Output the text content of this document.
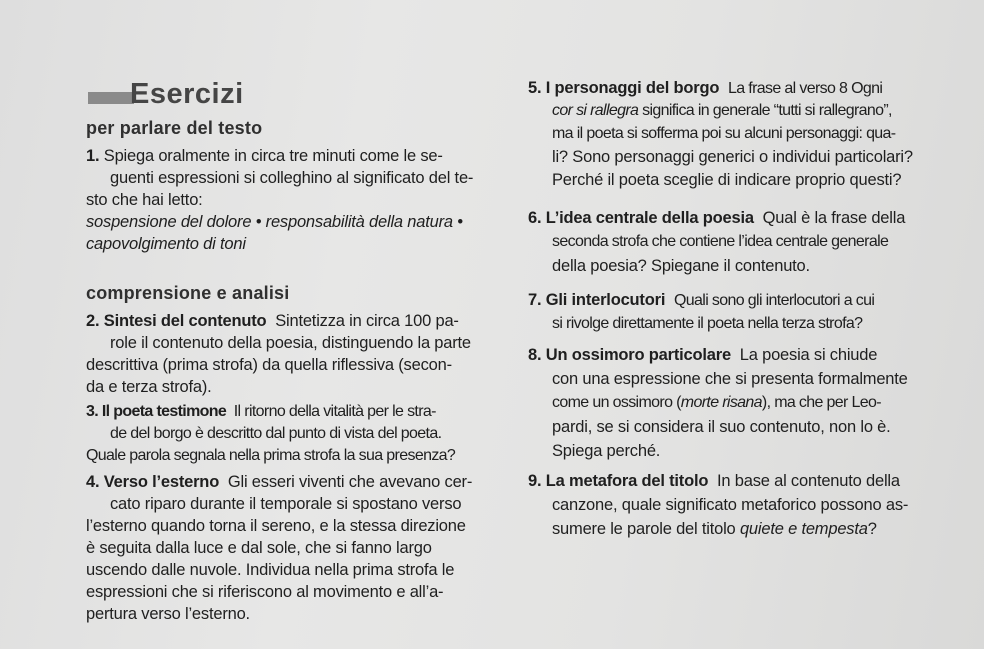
Esercizi
per parlare del testo
1. Spiega oralmente in circa tre minuti come le se-
guenti espressioni si colleghino al significato del te-
sto che hai letto:
sospensione del dolore • responsabilità della natura •
capovolgimento di toni
comprensione e analisi
2. Sintesi del contenuto Sintetizza in circa 100 pa-
role il contenuto della poesia, distinguendo la parte
descrittiva (prima strofa) da quella riflessiva (secon-
da e terza strofa).
3. Il poeta testimone Il ritorno della vitalità per le stra-
de del borgo è descritto dal punto di vista del poeta.
Quale parola segnala nella prima strofa la sua presenza?
4. Verso l’esterno Gli esseri viventi che avevano cer-
cato riparo durante il temporale si spostano verso
l’esterno quando torna il sereno, e la stessa direzione
è seguita dalla luce e dal sole, che si fanno largo
uscendo dalle nuvole. Individua nella prima strofa le
espressioni che si riferiscono al movimento e all’a-
pertura verso l’esterno.
5. I personaggi del borgo La frase al verso 8 Ogni
cor si rallegra significa in generale “tutti si rallegrano”,
ma il poeta si sofferma poi su alcuni personaggi: qua-
li? Sono personaggi generici o individui particolari?
Perché il poeta sceglie di indicare proprio questi?
6. L’idea centrale della poesia Qual è la frase della
seconda strofa che contiene l’idea centrale generale
della poesia? Spiegane il contenuto.
7. Gli interlocutori Quali sono gli interlocutori a cui
si rivolge direttamente il poeta nella terza strofa?
8. Un ossimoro particolare La poesia si chiude
con una espressione che si presenta formalmente
come un ossimoro (morte risana), ma che per Leo-
pardi, se si considera il suo contenuto, non lo è.
Spiega perché.
9. La metafora del titolo In base al contenuto della
canzone, quale significato metaforico possono as-
sumere le parole del titolo quiete e tempesta?
